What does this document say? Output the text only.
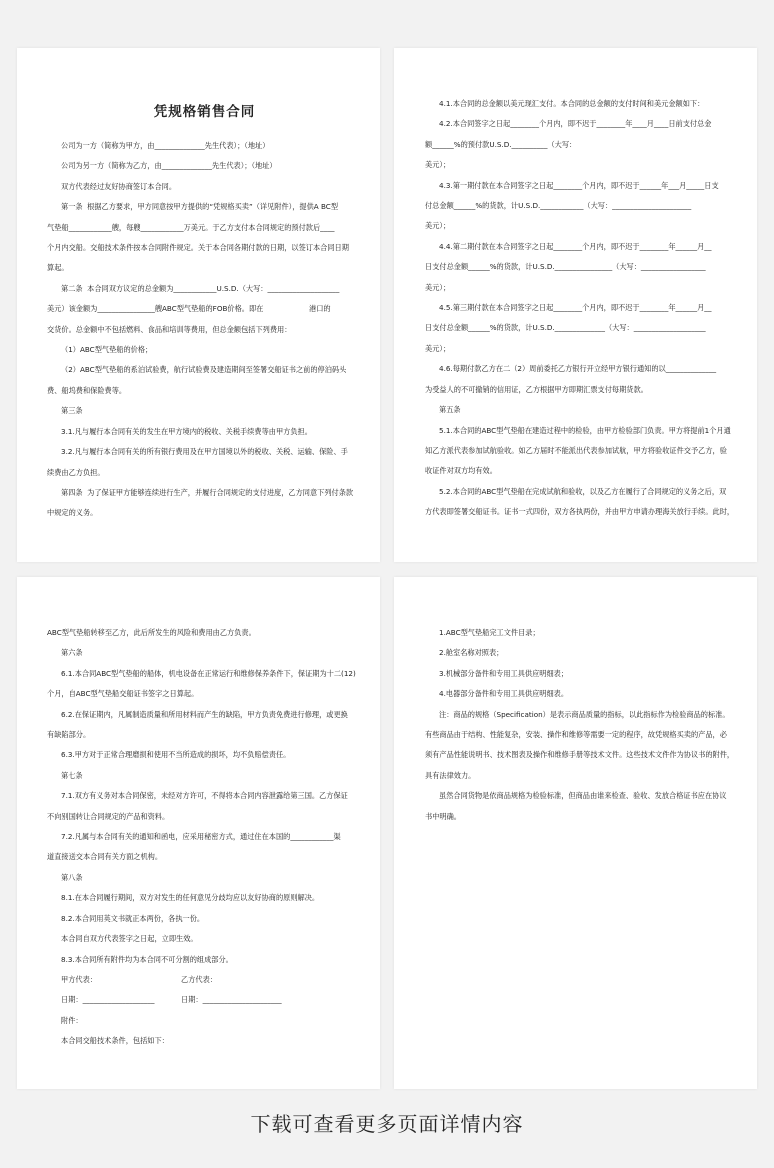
凭规格销售合同
公司为一方（简称为甲方，由______________先生代表）；（地址）
公司为另一方（简称为乙方，由______________先生代表）；（地址）
双方代表经过友好协商签订本合同。
第一条  根据乙方要求，甲方同意按甲方提供的“凭规格买卖”（详见附件），提供A BC型
气垫船____________艘，每艘____________万美元。于乙方支付本合同规定的预付款后____
个月内交船。交船技术条件按本合同附件规定。关于本合同各期付款的日期，以签订本合同日期
算起。
第二条  本合同双方议定的总金额为____________U.S.D.（大写：____________________
美元）该金额为________________艘ABC型气垫船的FOB价格。即在                    港口的
交货价。总金额中不包括燃料、食品和培训等费用，但总金额包括下列费用：
（1）ABC型气垫船的价格；
（2）ABC型气垫船的系泊试验费，航行试验费及建造期间至签署交船证书之前的停泊码头
费、船坞费和保险费等。
第三条
3.1.凡与履行本合同有关的发生在甲方境内的税收、关税手续费等由甲方负担。
3.2.凡与履行本合同有关的所有银行费用及在甲方国境以外的税收、关税、运输、保险、手
续费由乙方负担。
第四条  为了保证甲方能够连续进行生产，并履行合同规定的支付进度，乙方同意下列付条款
中规定的义务。
4.1.本合同的总金额以美元现汇支付。本合同的总金额的支付时间和美元金额如下：
4.2.本合同签字之日起________个月内，即不迟于________年____月____日前支付总金
额______%的预付款U.S.D.__________（大写：
美元）；
4.3.第一期付款在本合同签字之日起________个月内，即不迟于______年___月_____日支
付总金额______%的货款，计U.S.D.____________（大写：______________________
美元）；
4.4.第二期付款在本合同签字之日起________个月内，即不迟于________年______月__
日支付总金额______%的货款，计U.S.D.________________（大写：__________________
美元）；
4.5.第三期付款在本合同签字之日起________个月内，即不迟于________年______月__
日支付总金额______%的货款，计U.S.D.______________（大写：____________________
美元）；
4.6.每期付款乙方在二（2）周前委托乙方银行开立经甲方银行通知的以______________
为受益人的不可撤销的信用证，乙方根据甲方即期汇票支付每期货款。
第五条
5.1.本合同的ABC型气垫船在建造过程中的检验，由甲方检验部门负责。甲方将提前1个月通
知乙方派代表参加试航验收。如乙方届时不能派出代表参加试航，甲方将验收证件交予乙方，验
收证件对双方均有效。
5.2.本合同的ABC型气垫船在完成试航和验收，以及乙方在履行了合同规定的义务之后，双
方代表即签署交船证书。证书一式四份，双方各执两份，并由甲方申请办理海关放行手续。此时，
ABC型气垫船转移至乙方，此后所发生的风险和费用由乙方负责。
第六条
6.1.本合同ABC型气垫船的船体，机电设备在正常运行和维修保养条件下，保证期为十二(12)
个月，自ABC型气垫船交船证书签字之日算起。
6.2.在保证期内，凡属制造质量和所用材料而产生的缺陷，甲方负责免费进行修理，或更换
有缺陷部分。
6.3.甲方对于正常合理磨损和使用不当所造成的损坏，均不负赔偿责任。
第七条
7.1.双方有义务对本合同保密，未经对方许可，不得将本合同内容泄露给第三国。乙方保证
不向别国转让合同规定的产品和资料。
7.2.凡属与本合同有关的通知和函电，应采用秘密方式，通过住在本国的____________渠
道直接送交本合同有关方面之机构。
第八条
8.1.在本合同履行期间，双方对发生的任何意见分歧均应以友好协商的原则解决。
8.2.本合同用英文书就正本两份，各执一份。
本合同自双方代表签字之日起，立即生效。
8.3.本合同所有附件均为本合同不可分割的组成部分。
甲方代表：	乙方代表：
日期：____________________	日期：______________________
附件：
本合同交船技术条件，包括如下：
1.ABC型气垫船完工文件目录；
2.舱室名称对照表；
3.机械部分备件和专用工具供应明细表；
4.电器部分备件和专用工具供应明细表。
注：商品的规格（Specification）是表示商品质量的指标，以此指标作为检验商品的标准。
有些商品由于结构、性能复杂，安装、操作和维修等需要一定的程序，故凭规格买卖的产品，必
须有产品性能说明书、技术图表及操作和维修手册等技术文件。这些技术文件作为协议书的附件，
具有法律效力。
虽然合同货物是依商品规格为检验标准，但商品由谁来检查、验收、发放合格证书应在协议
书中明确。
下载可查看更多页面详情内容
